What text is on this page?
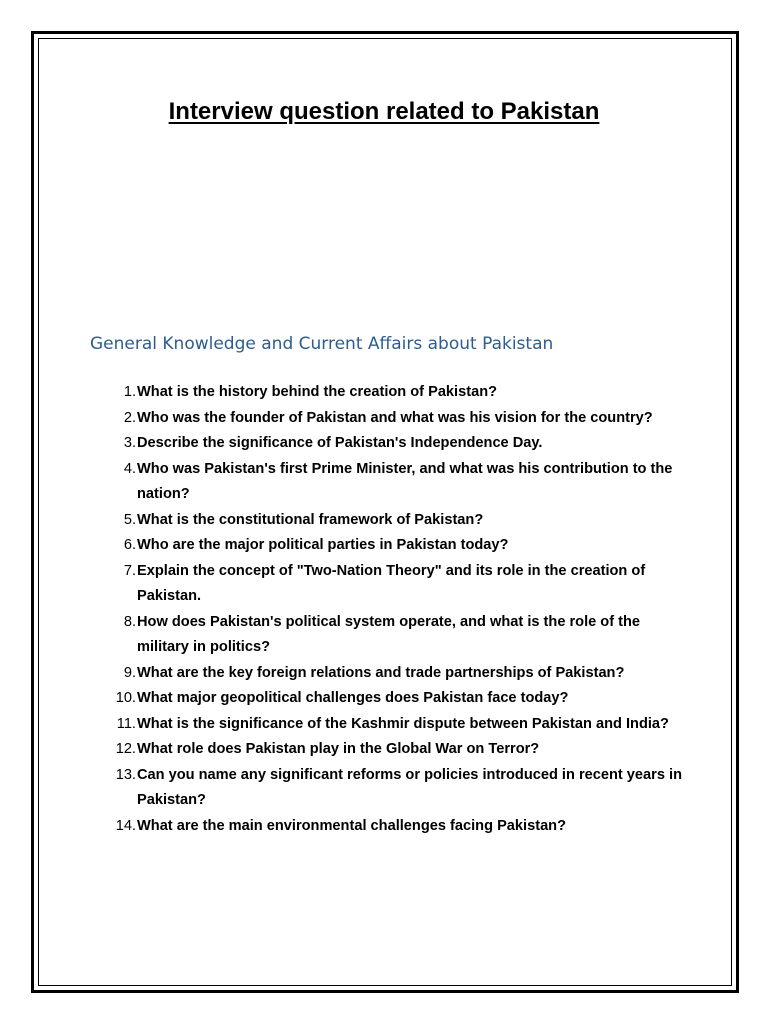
Interview question related to Pakistan
General Knowledge and Current Affairs about Pakistan
1. What is the history behind the creation of Pakistan?
2. Who was the founder of Pakistan and what was his vision for the country?
3. Describe the significance of Pakistan's Independence Day.
4. Who was Pakistan's first Prime Minister, and what was his contribution to the nation?
5. What is the constitutional framework of Pakistan?
6. Who are the major political parties in Pakistan today?
7. Explain the concept of "Two-Nation Theory" and its role in the creation of Pakistan.
8. How does Pakistan's political system operate, and what is the role of the military in politics?
9. What are the key foreign relations and trade partnerships of Pakistan?
10. What major geopolitical challenges does Pakistan face today?
11. What is the significance of the Kashmir dispute between Pakistan and India?
12. What role does Pakistan play in the Global War on Terror?
13. Can you name any significant reforms or policies introduced in recent years in Pakistan?
14. What are the main environmental challenges facing Pakistan?
